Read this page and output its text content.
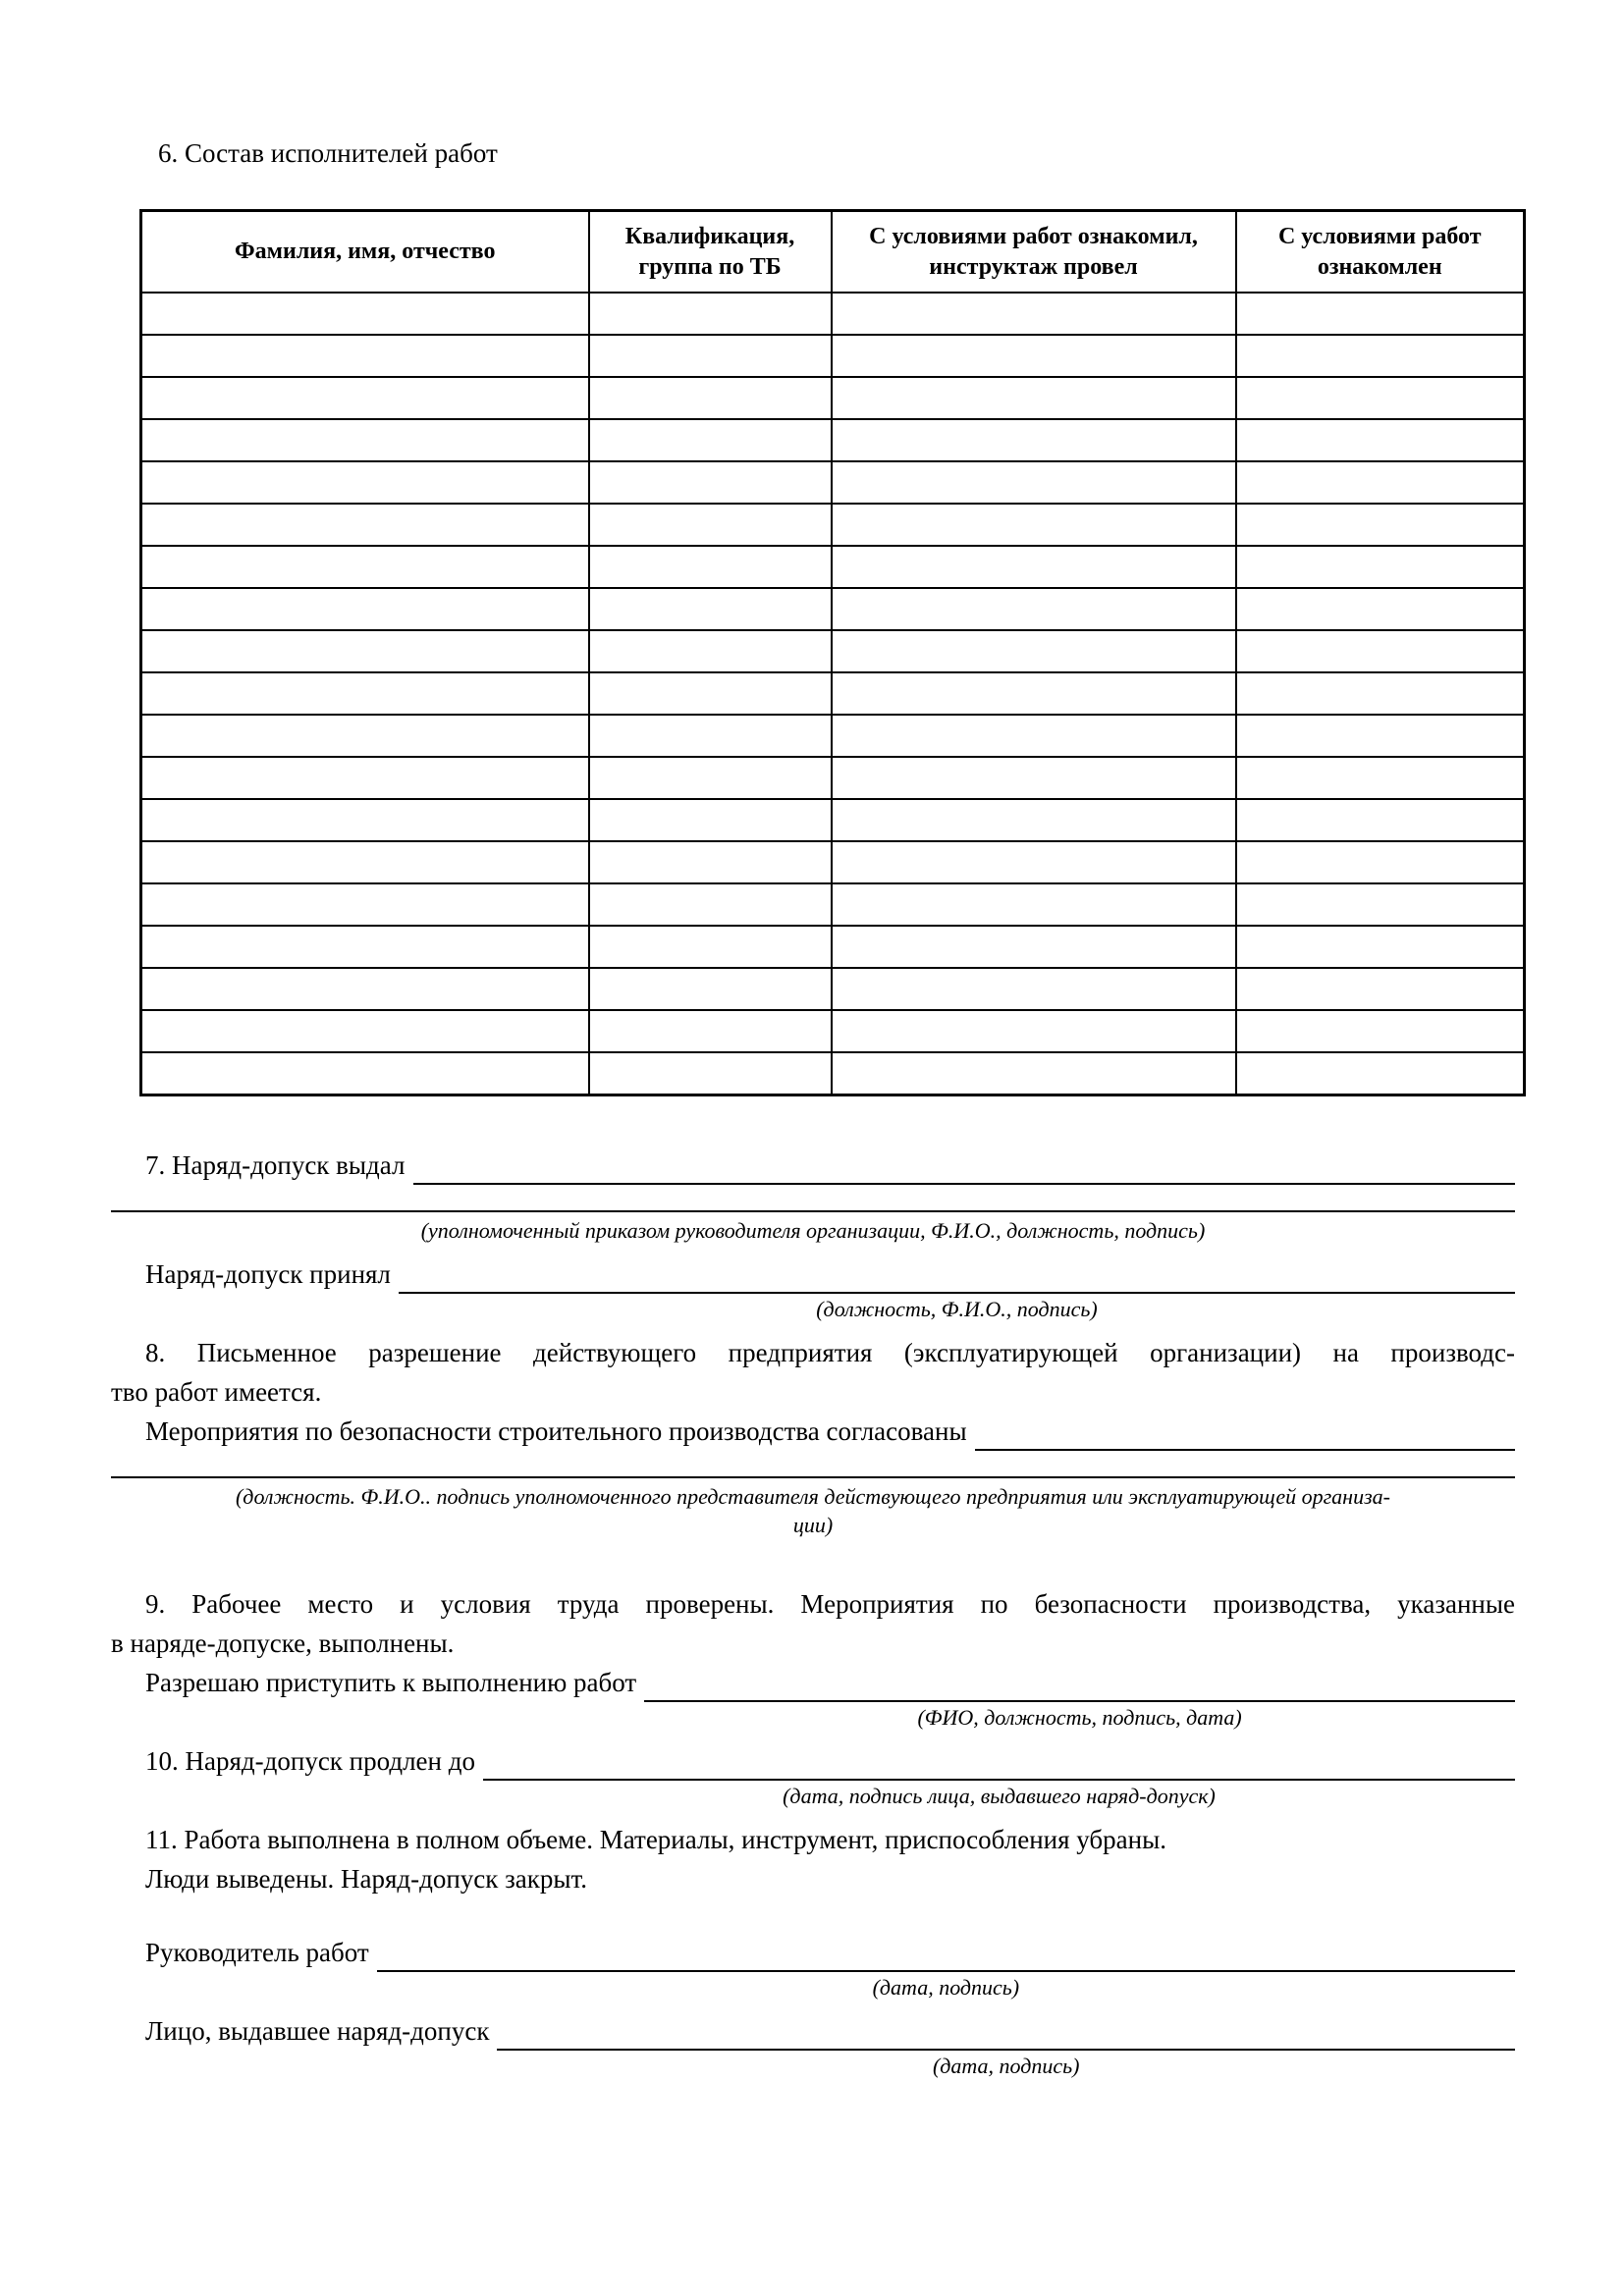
6. Состав исполнителей работ
Фамилия, имя, отчество	Квалификация, группа по ТБ	С условиями работ ознакомил, инструктаж провел	С условиями работ ознакомлен

7. Наряд-допуск выдал
(уполномоченный приказом руководителя организации, Ф.И.О., должность, подпись)
Наряд-допуск принял
(должность, Ф.И.О., подпись)
8. Письменное разрешение действующего предприятия (эксплуатирующей организации) на производс-
тво работ имеется.
Мероприятия по безопасности строительного производства согласованы
(должность. Ф.И.О.. подпись уполномоченного представителя действующего предприятия или эксплуатирующей организа-
ции)
9. Рабочее место и условия труда проверены. Мероприятия по безопасности производства, указанные
в наряде-допуске, выполнены.
Разрешаю приступить к выполнению работ
(ФИО, должность, подпись, дата)
10. Наряд-допуск продлен до
(дата, подпись лица, выдавшего наряд-допуск)
11. Работа выполнена в полном объеме. Материалы, инструмент, приспособления убраны.
Люди выведены. Наряд-допуск закрыт.
Руководитель работ
(дата, подпись)
Лицо, выдавшее наряд-допуск
(дата, подпись)
